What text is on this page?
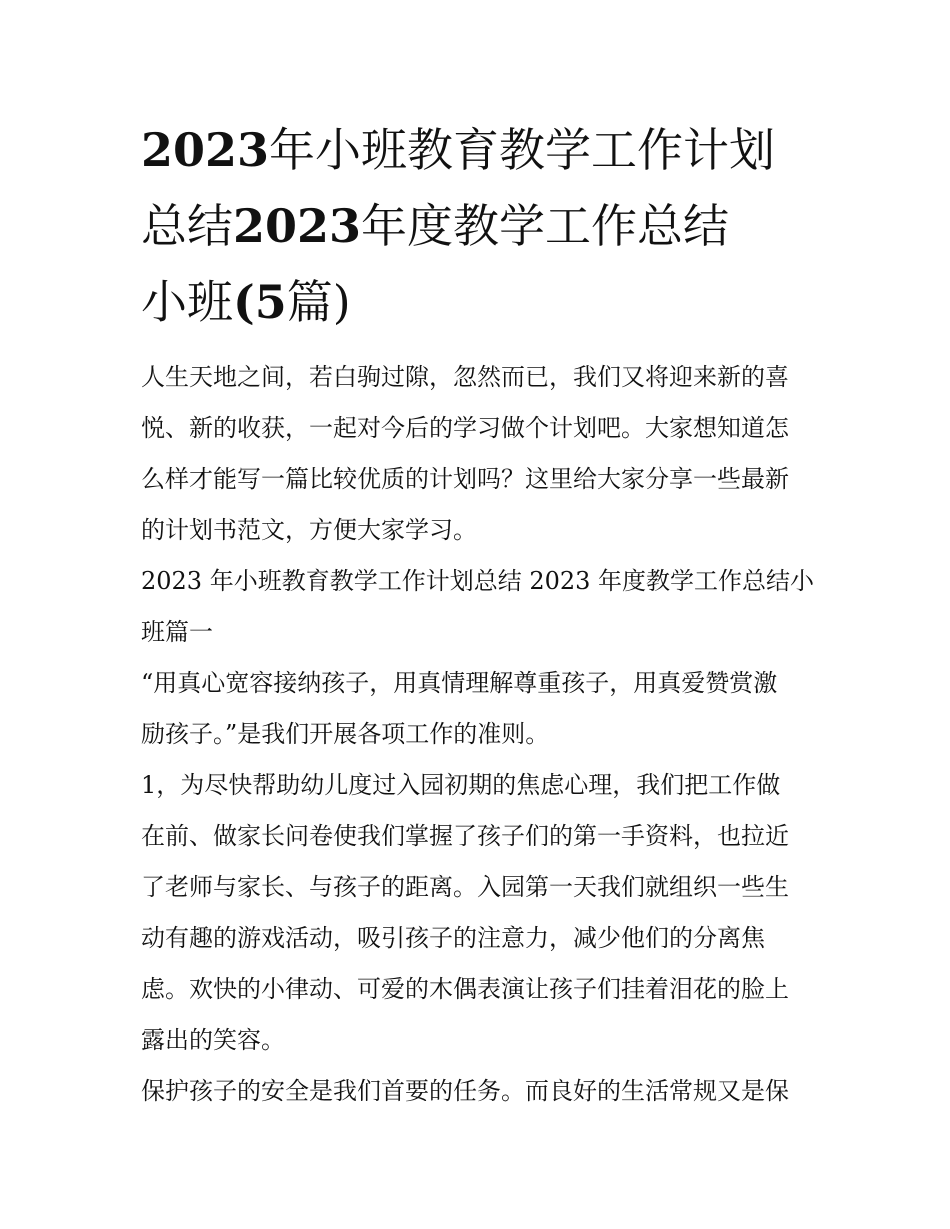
2023年小班教育教学工作计划
总结2023年度教学工作总结
小班(5篇)

人生天地之间，若白驹过隙，忽然而已，我们又将迎来新的喜
悦、新的收获，一起对今后的学习做个计划吧。大家想知道怎
么样才能写一篇比较优质的计划吗？这里给大家分享一些最新
的计划书范文，方便大家学习。

2023 年小班教育教学工作计划总结 2023 年度教学工作总结小
班篇一

“用真心宽容接纳孩子，用真情理解尊重孩子，用真爱赞赏激
励孩子。”是我们开展各项工作的准则。

1，为尽快帮助幼儿度过入园初期的焦虑心理，我们把工作做
在前、做家长问卷使我们掌握了孩子们的第一手资料，也拉近
了老师与家长、与孩子的距离。入园第一天我们就组织一些生
动有趣的游戏活动，吸引孩子的注意力，减少他们的分离焦
虑。欢快的小律动、可爱的木偶表演让孩子们挂着泪花的脸上
露出的笑容。

保护孩子的安全是我们首要的任务。而良好的生活常规又是保
